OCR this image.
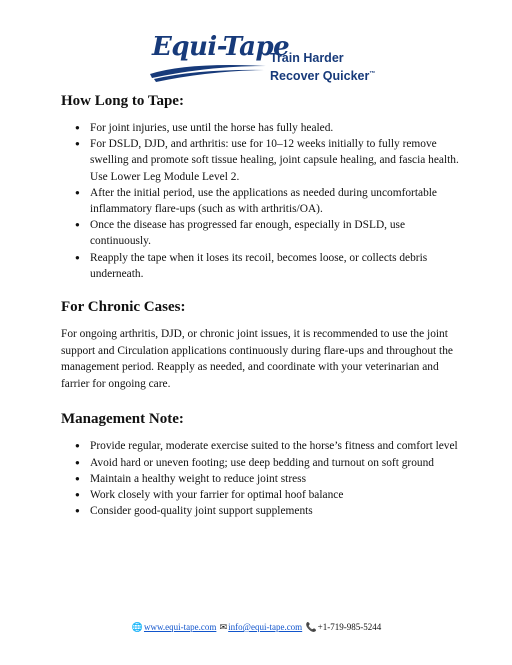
Equi-Tape
Train Harder
Recover Quicker™
How Long to Tape:
● For joint injuries, use until the horse has fully healed.
● For DSLD, DJD, and arthritis: use for 10–12 weeks initially to fully remove swelling and promote soft tissue healing, joint capsule healing, and fascia health. Use Lower Leg Module Level 2.
● After the initial period, use the applications as needed during uncomfortable inflammatory flare-ups (such as with arthritis/OA).
● Once the disease has progressed far enough, especially in DSLD, use continuously.
● Reapply the tape when it loses its recoil, becomes loose, or collects debris underneath.
For Chronic Cases:

For ongoing arthritis, DJD, or chronic joint issues, it is recommended to use the joint support and Circulation applications continuously during flare-ups and throughout the management period. Reapply as needed, and coordinate with your veterinarian and farrier for ongoing care.

Management Note:
● Provide regular, moderate exercise suited to the horse’s fitness and comfort level
● Avoid hard or uneven footing; use deep bedding and turnout on soft ground
● Maintain a healthy weight to reduce joint stress
● Work closely with your farrier for optimal hoof balance
● Consider good-quality joint support supplements
🌐www.equi-tape.com ✉info@equi-tape.com 📞+1-719-985-5244
